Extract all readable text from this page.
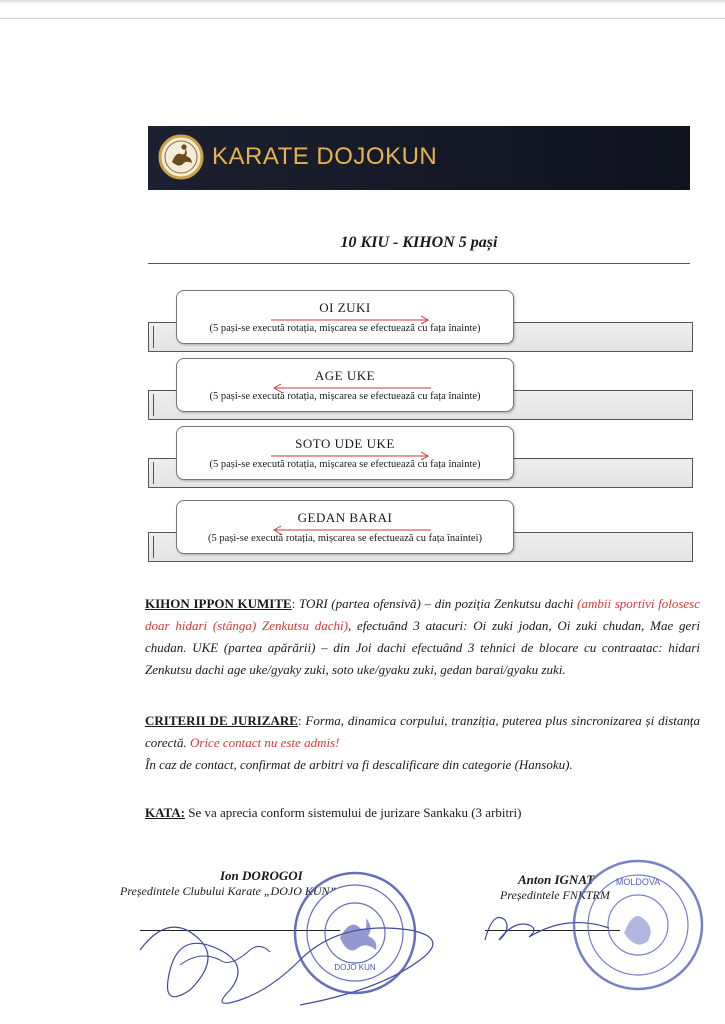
KARATE DOJOKUN
10 KIU - KIHON 5 pași
OI ZUKI
(5 pași-se execută rotația, mișcarea se efectuează cu fața înainte)
AGE UKE
(5 pași-se execută rotația, mișcarea se efectuează cu fața înainte)
SOTO UDE UKE
(5 pași-se execută rotația, mișcarea se efectuează cu fața înainte)
GEDAN BARAI
(5 pași-se execută rotația, mișcarea se efectuează cu fața înaintei)
KIHON IPPON KUMITE: TORI (partea ofensivă) – din poziția Zenkutsu dachi (ambii sportivi folosesc doar hidari (stânga) Zenkutsu dachi), efectuând 3 atacuri: Oi zuki jodan, Oi zuki chudan, Mae geri chudan. UKE (partea apărării) – din Joi dachi efectuând 3 tehnici de blocare cu contraatac: hidari Zenkutsu dachi age uke/gyaky zuki, soto uke/gyaku zuki, gedan barai/gyaku zuki.
CRITERII DE JURIZARE: Forma, dinamica corpului, tranziția, puterea plus sincronizarea și distanța corectă. Orice contact nu este admis!
În caz de contact, confirmat de arbitri va fi descalificare din categorie (Hansoku).
KATA: Se va aprecia conform sistemului de jurizare Sankaku (3 arbitri)
Ion DOROGOI
Președintele Clubului Karate „DOJO KUN”
DOJO KUN
Anton IGNAT
Președintele FNKTRM
MOLDOVA
